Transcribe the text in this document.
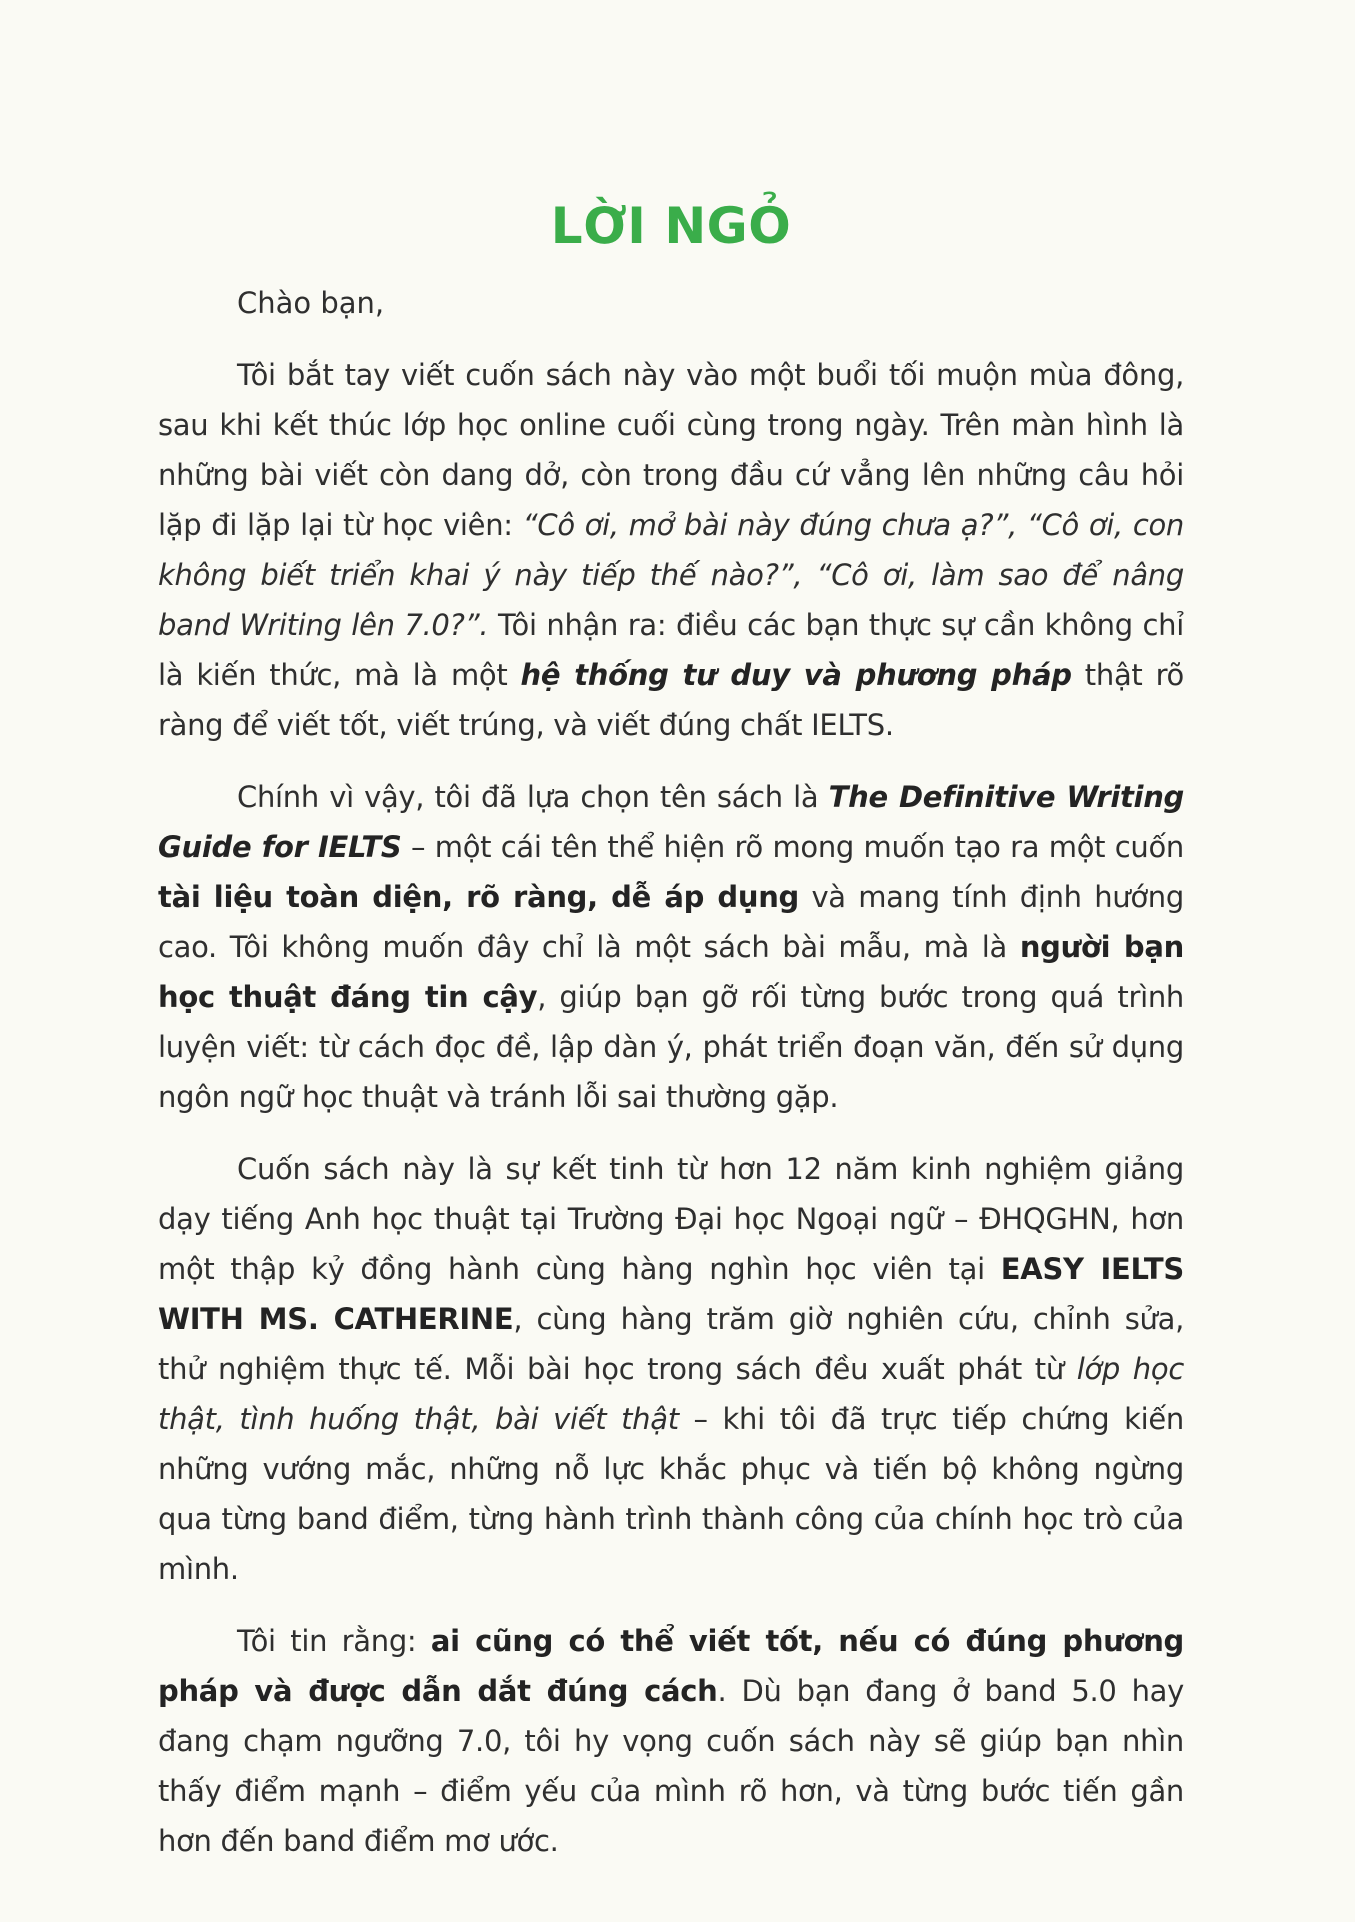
LỜI NGỎ

Chào bạn,

Tôi bắt tay viết cuốn sách này vào một buổi tối muộn mùa đông, sau khi kết thúc lớp học online cuối cùng trong ngày. Trên màn hình là những bài viết còn dang dở, còn trong đầu cứ vẳng lên những câu hỏi lặp đi lặp lại từ học viên: “Cô ơi, mở bài này đúng chưa ạ?”, “Cô ơi, con không biết triển khai ý này tiếp thế nào?”, “Cô ơi, làm sao để nâng band Writing lên 7.0?”. Tôi nhận ra: điều các bạn thực sự cần không chỉ là kiến thức, mà là một hệ thống tư duy và phương pháp thật rõ ràng để viết tốt, viết trúng, và viết đúng chất IELTS.

Chính vì vậy, tôi đã lựa chọn tên sách là The Definitive Writing Guide for IELTS – một cái tên thể hiện rõ mong muốn tạo ra một cuốn tài liệu toàn diện, rõ ràng, dễ áp dụng và mang tính định hướng cao. Tôi không muốn đây chỉ là một sách bài mẫu, mà là người bạn học thuật đáng tin cậy, giúp bạn gỡ rối từng bước trong quá trình luyện viết: từ cách đọc đề, lập dàn ý, phát triển đoạn văn, đến sử dụng ngôn ngữ học thuật và tránh lỗi sai thường gặp.

Cuốn sách này là sự kết tinh từ hơn 12 năm kinh nghiệm giảng dạy tiếng Anh học thuật tại Trường Đại học Ngoại ngữ – ĐHQGHN, hơn một thập kỷ đồng hành cùng hàng nghìn học viên tại EASY IELTS WITH MS. CATHERINE, cùng hàng trăm giờ nghiên cứu, chỉnh sửa, thử nghiệm thực tế. Mỗi bài học trong sách đều xuất phát từ lớp học thật, tình huống thật, bài viết thật – khi tôi đã trực tiếp chứng kiến những vướng mắc, những nỗ lực khắc phục và tiến bộ không ngừng qua từng band điểm, từng hành trình thành công của chính học trò của mình.

Tôi tin rằng: ai cũng có thể viết tốt, nếu có đúng phương pháp và được dẫn dắt đúng cách. Dù bạn đang ở band 5.0 hay đang chạm ngưỡng 7.0, tôi hy vọng cuốn sách này sẽ giúp bạn nhìn thấy điểm mạnh – điểm yếu của mình rõ hơn, và từng bước tiến gần hơn đến band điểm mơ ước.
